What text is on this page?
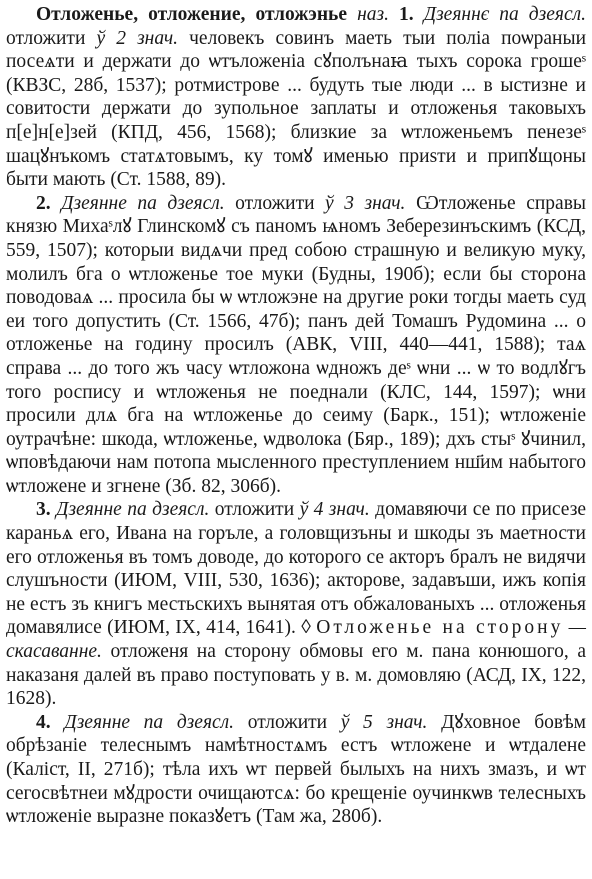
Отложенье, отложение, отложэнье наз. 1. Дзеяннє па дзеясл. отложити ў 2 знач. человекъ совинъ маеть тыи поліа поѡраныи посеѧти и держати до ѡтъложеніа сꙋполънаꙗ тыхъ сорока грошеˢ (КВЗС, 28б, 1537); ротмистрове ... будуть тые люди ... в ыстизне и совитости держати до зупольное заплаты и отложенья таковыхъ п[е]н[е]зей (КПД, 456, 1568); близкие за ѡтложеньемъ пенезеˢ шацꙋнъкомъ статѧтовымъ, ку томꙋ именью приѕти и припꙋщоны быти мають (Ст. 1588, 89).

2. Дзеянне па дзеясл. отложити ў 3 знач. Ѡтложенье справы князю Михаˢлꙋ Глинскомꙋ съ паномъ ѩномъ Зеберезинъскимъ (КСД, 559, 1507); которыи видѧчи пред собою страшную и великую муку, молилъ бга о ѡтложенье тое муки (Будны, 190б); если бы сторона поводоваѧ ... просила бы ѡ ѡтложэне на другие роки тогды маеть суд еи того допустить (Ст. 1566, 47б); панъ дей Томашъ Рудомина ... о отложенье на годину просилъ (АВК, VIII, 440—441, 1588); таѧ справа ... до того жъ часу ѡтложона ѡдножъ деˢ ѡни ... ѡ то водлꙋгъ того роспису и ѡтложенья не поеднали (КЛС, 144, 1597); ѡни просили длѧ бга на ѡтложенье до сеиму (Барк., 151); ѡтложеніе оутрачѣне: шкода, ѡтложенье, ѡдволока (Бяр., 189); дхъ стыˢ ꙋчинил, ѡповѣдаючи нам потопа мысленного преступлением нш҃им набытого ѡтложене и згнене (Зб. 82, 306б).

3. Дзеянне па дзеясл. отложити ў 4 знач. домавяючи се по присезе караньѧ его, Ивана на горъле, а головщизъны и шкоды зъ маетности его отложенья въ томъ доводе, до которого се акторъ бралъ не видячи слушъности (ИЮМ, VIII, 530, 1636); акторове, задавъши, ижъ копія не естъ зъ книгъ местьскихъ вынятая отъ обжалованыхъ ... отложенья домавялисе (ИЮМ, IX, 414, 1641). ◊ Отложенье на сторону — скасаванне. отложеня на сторону обмовы его м. пана конюшого, а наказаня далей въ право поступовать у в. м. домовляю (АСД, IX, 122, 1628).

4. Дзеянне па дзеясл. отложити ў 5 знач. Дꙋховное бовѣм обрѣзаніе телеснымъ намѣтностѧмъ естъ ѡтложене и ѡтдалене (Каліст, II, 271б); тѣла ихъ ѡт первей былыхъ на нихъ змазъ, и ѡт сегосвѣтнеи мꙋдрости очищаютсѧ: бо крещеніе оучинкѡв телесныхъ ѡтложеніе выразне показꙋетъ (Там жа, 280б).
